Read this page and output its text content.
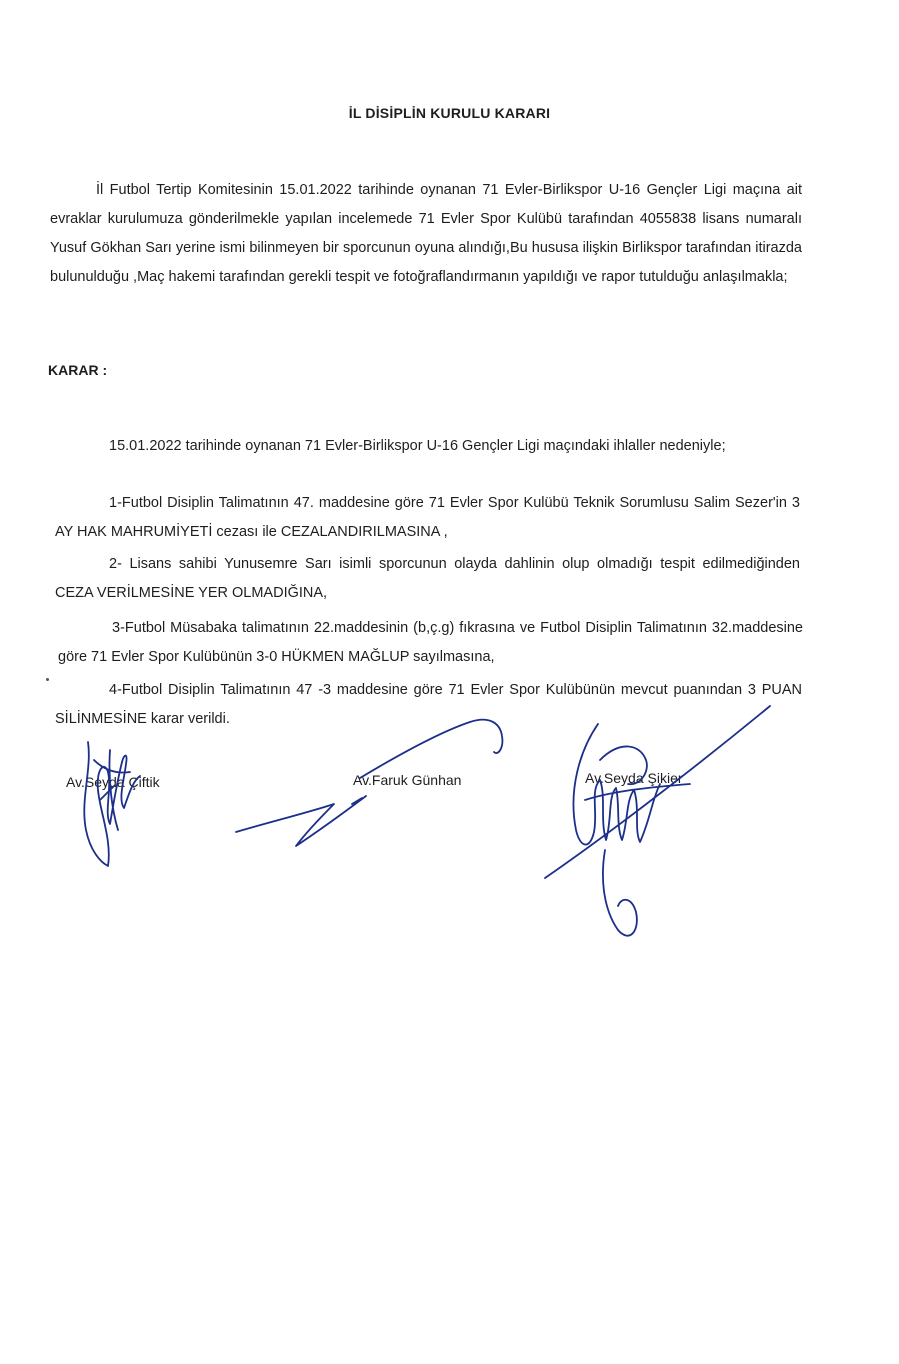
İL DİSİPLİN KURULU KARARI

İl Futbol Tertip Komitesinin 15.01.2022 tarihinde oynanan 71 Evler-Birlikspor U-16 Gençler Ligi maçına ait evraklar kurulumuza gönderilmekle yapılan incelemede 71 Evler Spor Kulübü tarafından 4055838 lisans numaralı Yusuf Gökhan Sarı yerine ismi bilinmeyen bir sporcunun oyuna alındığı,Bu hususa ilişkin Birlikspor tarafından itirazda bulunulduğu ,Maç hakemi tarafından gerekli tespit ve fotoğraflandırmanın yapıldığı ve rapor tutulduğu anlaşılmakla;

KARAR :

15.01.2022 tarihinde oynanan 71 Evler-Birlikspor U-16 Gençler Ligi maçındaki ihlaller nedeniyle;

1-Futbol Disiplin Talimatının 47. maddesine göre 71 Evler Spor Kulübü Teknik Sorumlusu Salim Sezer'in 3 AY HAK MAHRUMİYETİ cezası ile CEZALANDIRILMASINA ,

2- Lisans sahibi Yunusemre Sarı isimli sporcunun olayda dahlinin olup olmadığı tespit edilmediğinden CEZA VERİLMESİNE YER OLMADIĞINA,

3-Futbol Müsabaka talimatının 22.maddesinin (b,ç.g) fıkrasına ve Futbol Disiplin Talimatının 32.maddesine göre 71 Evler Spor Kulübünün 3-0 HÜKMEN MAĞLUP sayılmasına,

4-Futbol Disiplin Talimatının 47 -3 maddesine göre 71 Evler Spor Kulübünün mevcut puanından 3 PUAN SİLİNMESİNE karar verildi.

Av.Seyda Çiftik	Av.Faruk Günhan	Av.Seyda Şikier
